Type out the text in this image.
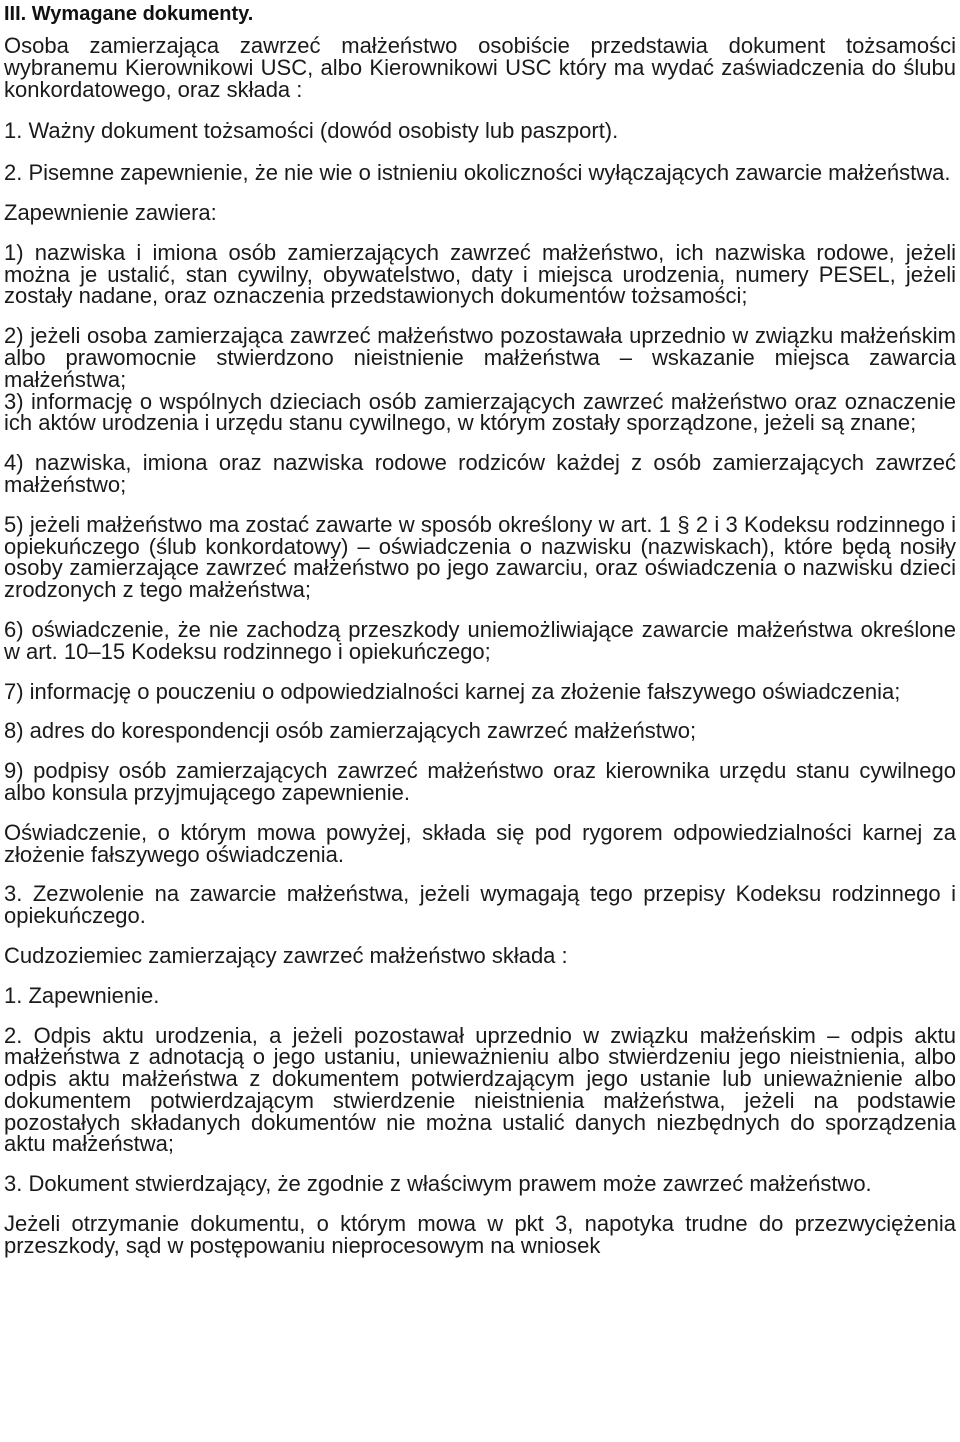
III. Wymagane dokumenty.

Osoba zamierzająca zawrzeć małżeństwo osobiście przedstawia dokument tożsamości wybranemu Kierownikowi USC, albo Kierownikowi USC który ma wydać zaświadczenia do ślubu konkordatowego, oraz składa :

1. Ważny dokument tożsamości (dowód osobisty lub paszport).

2. Pisemne zapewnienie, że nie wie o istnieniu okoliczności wyłączających zawarcie małżeństwa.

Zapewnienie zawiera:

1) nazwiska i imiona osób zamierzających zawrzeć małżeństwo, ich nazwiska rodowe, jeżeli można je ustalić, stan cywilny, obywatelstwo, daty i miejsca urodzenia, numery PESEL, jeżeli zostały nadane, oraz oznaczenia przedstawionych dokumentów tożsamości;

2) jeżeli osoba zamierzająca zawrzeć małżeństwo pozostawała uprzednio w związku małżeńskim albo prawomocnie stwierdzono nieistnienie małżeństwa – wskazanie miejsca zawarcia małżeństwa;

3) informację o wspólnych dzieciach osób zamierzających zawrzeć małżeństwo oraz oznaczenie ich aktów urodzenia i urzędu stanu cywilnego, w którym zostały sporządzone, jeżeli są znane;

4) nazwiska, imiona oraz nazwiska rodowe rodziców każdej z osób zamierzających zawrzeć małżeństwo;

5) jeżeli małżeństwo ma zostać zawarte w sposób określony w art. 1 § 2 i 3 Kodeksu rodzinnego i opiekuńczego (ślub konkordatowy) – oświadczenia o nazwisku (nazwiskach), które będą nosiły osoby zamierzające zawrzeć małżeństwo po jego zawarciu, oraz oświadczenia o nazwisku dzieci zrodzonych z tego małżeństwa;

6) oświadczenie, że nie zachodzą przeszkody uniemożliwiające zawarcie małżeństwa określone w art. 10–15 Kodeksu rodzinnego i opiekuńczego;

7) informację o pouczeniu o odpowiedzialności karnej za złożenie fałszywego oświadczenia;

8) adres do korespondencji osób zamierzających zawrzeć małżeństwo;

9) podpisy osób zamierzających zawrzeć małżeństwo oraz kierownika urzędu stanu cywilnego albo konsula przyjmującego zapewnienie.

Oświadczenie, o którym mowa powyżej, składa się pod rygorem odpowiedzialności karnej za złożenie fałszywego oświadczenia.

3. Zezwolenie na zawarcie małżeństwa, jeżeli wymagają tego przepisy Kodeksu rodzinnego i opiekuńczego.

Cudzoziemiec zamierzający zawrzeć małżeństwo składa :

1. Zapewnienie.

2. Odpis aktu urodzenia, a jeżeli pozostawał uprzednio w związku małżeńskim – odpis aktu małżeństwa z adnotacją o jego ustaniu, unieważnieniu albo stwierdzeniu jego nieistnienia, albo odpis aktu małżeństwa z dokumentem potwierdzającym jego ustanie lub unieważnienie albo dokumentem potwierdzającym stwierdzenie nieistnienia małżeństwa, jeżeli na podstawie pozostałych składanych dokumentów nie można ustalić danych niezbędnych do sporządzenia aktu małżeństwa;

3. Dokument stwierdzający, że zgodnie z właściwym prawem może zawrzeć małżeństwo.

Jeżeli otrzymanie dokumentu, o którym mowa w pkt 3, napotyka trudne do przezwyciężenia przeszkody, sąd w postępowaniu nieprocesowym na wniosek
